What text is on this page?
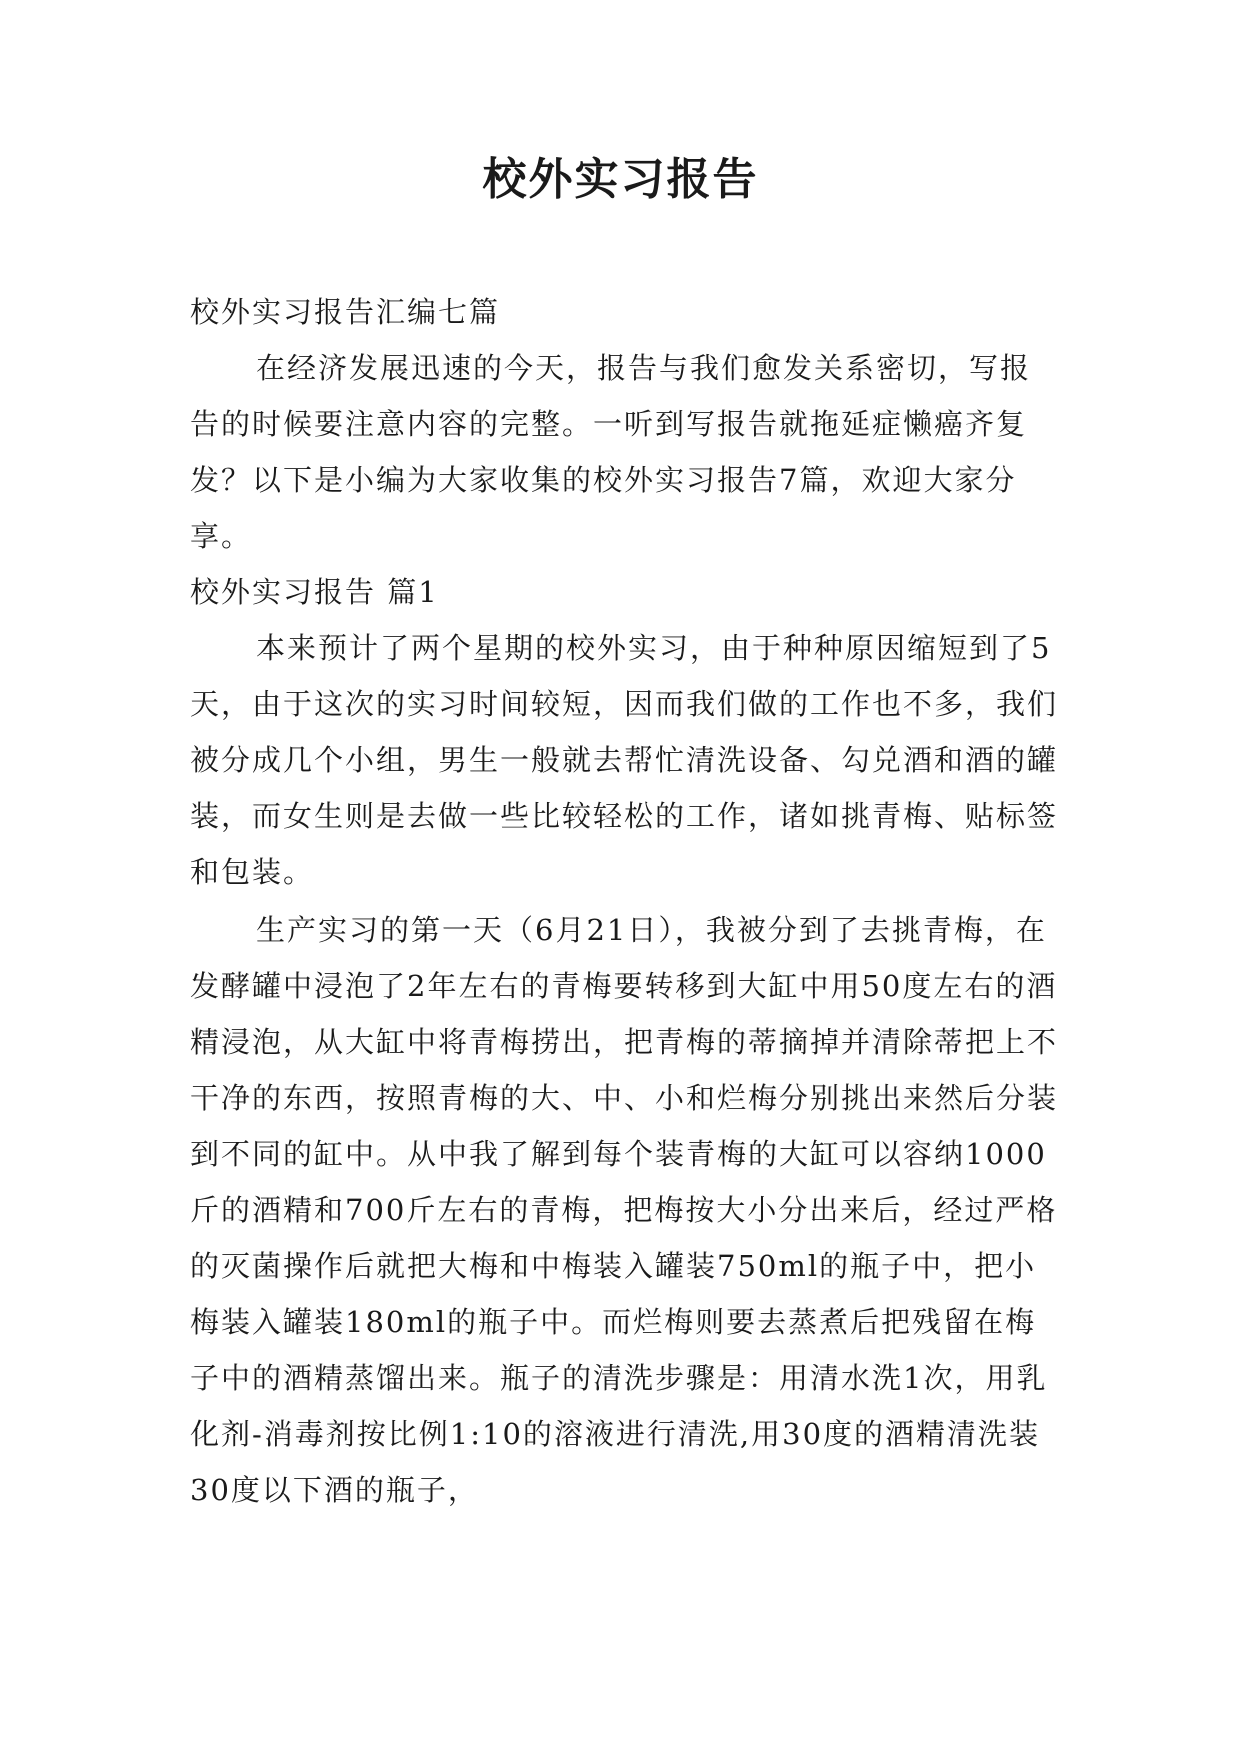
校外实习报告

校外实习报告汇编七篇

在经济发展迅速的今天，报告与我们愈发关系密切，写报告的时候要注意内容的完整。一听到写报告就拖延症懒癌齐复发？以下是小编为大家收集的校外实习报告7篇，欢迎大家分享。

校外实习报告 篇1

本来预计了两个星期的校外实习，由于种种原因缩短到了5天，由于这次的实习时间较短，因而我们做的工作也不多，我们被分成几个小组，男生一般就去帮忙清洗设备、勾兑酒和酒的罐装，而女生则是去做一些比较轻松的工作，诸如挑青梅、贴标签和包装。

生产实习的第一天（6月21日），我被分到了去挑青梅，在发酵罐中浸泡了2年左右的青梅要转移到大缸中用50度左右的酒精浸泡，从大缸中将青梅捞出，把青梅的蒂摘掉并清除蒂把上不干净的东西，按照青梅的大、中、小和烂梅分别挑出来然后分装到不同的缸中。从中我了解到每个装青梅的大缸可以容纳1000斤的酒精和700斤左右的青梅，把梅按大小分出来后，经过严格的灭菌操作后就把大梅和中梅装入罐装750ml的瓶子中，把小梅装入罐装180ml的瓶子中。而烂梅则要去蒸煮后把残留在梅子中的酒精蒸馏出来。瓶子的清洗步骤是：用清水洗1次，用乳化剂-消毒剂按比例1:10的溶液进行清洗,用30度的酒精清洗装30度以下酒的瓶子，
